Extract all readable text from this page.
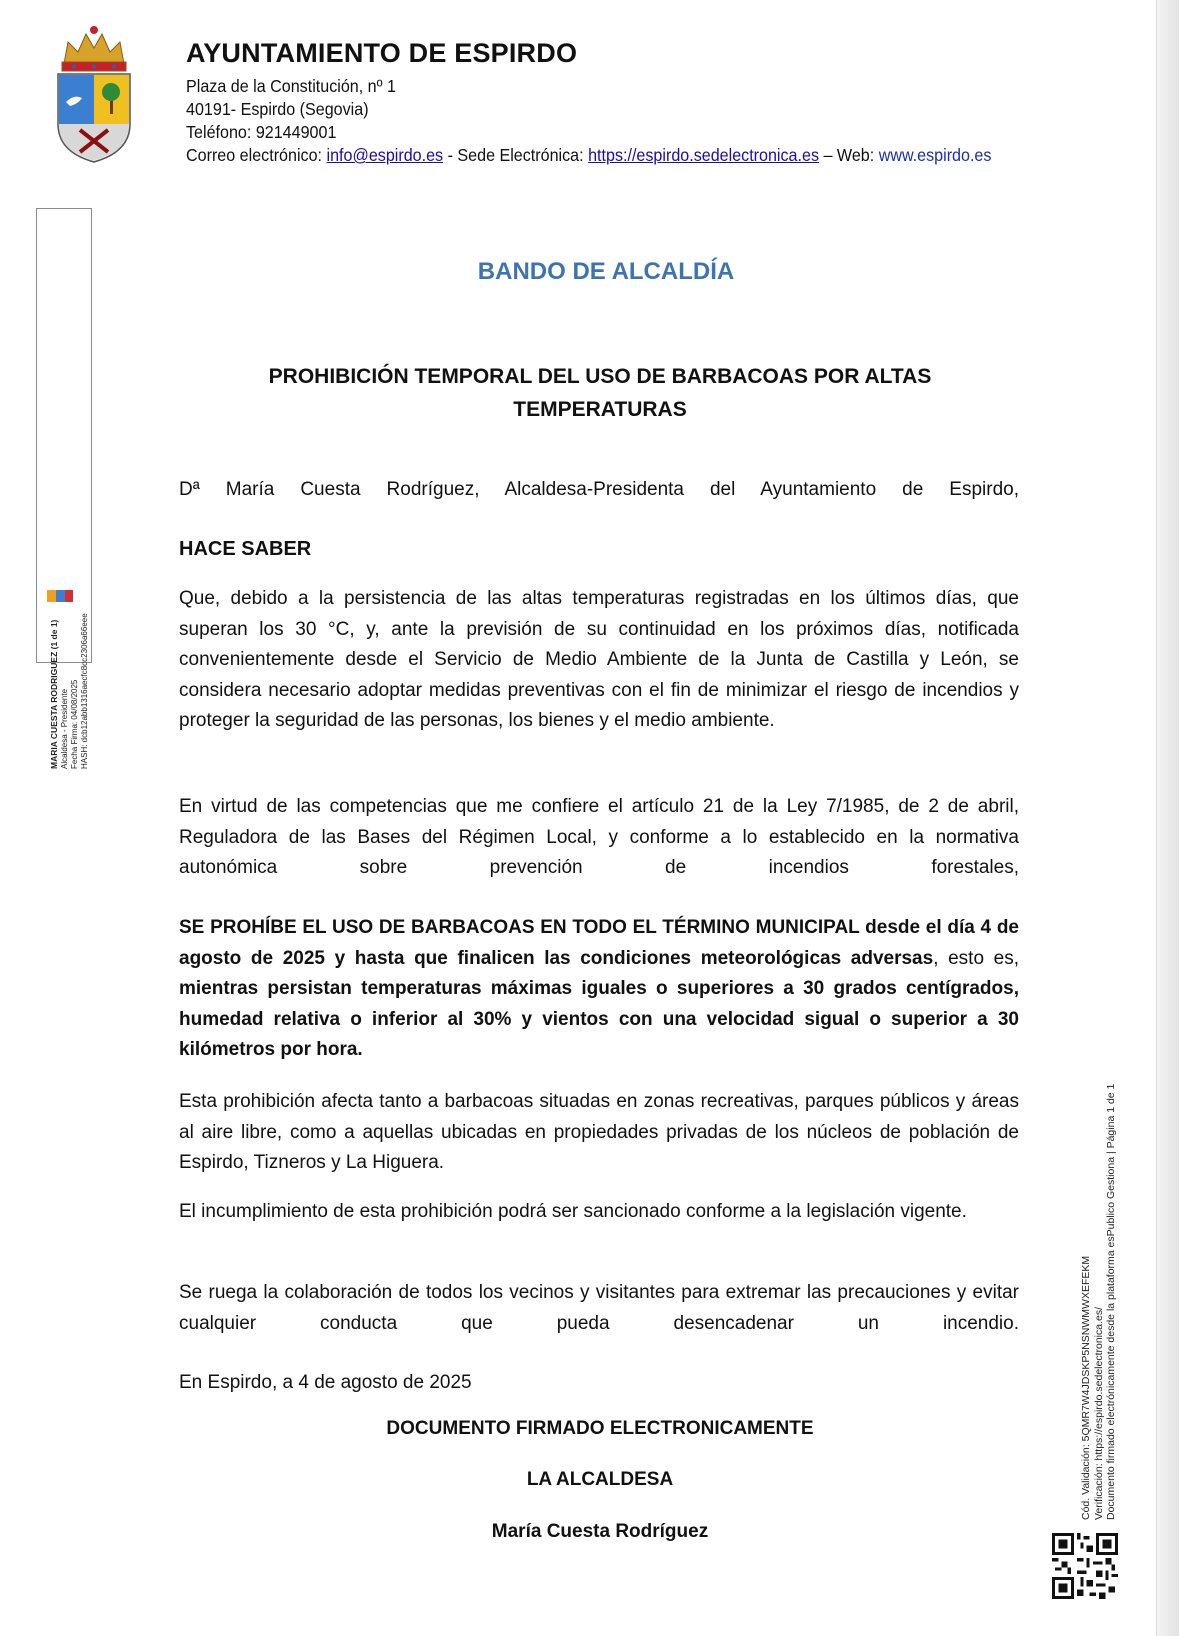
AYUNTAMIENTO DE ESPIRDO
Plaza de la Constitución, nº 1
40191- Espirdo (Segovia)
Teléfono: 921449001
Correo electrónico: info@espirdo.es - Sede Electrónica: https://espirdo.sedelectronica.es – Web: www.espirdo.es
MARIA CUESTA RODRIGUEZ (1 de 1)
Alcaldesa - Presidente
Fecha Firma: 04/08/2025
HASH: dcb12abb1316aecfc8cc2306a66eee
BANDO DE ALCALDÍA
PROHIBICIÓN TEMPORAL DEL USO DE BARBACOAS POR ALTAS
TEMPERATURAS
Dª María Cuesta Rodríguez, Alcaldesa-Presidenta del Ayuntamiento de Espirdo,
HACE SABER
Que, debido a la persistencia de las altas temperaturas registradas en los últimos días, que superan los 30 °C, y, ante la previsión de su continuidad en los próximos días, notificada convenientemente desde el Servicio de Medio Ambiente de la Junta de Castilla y León, se considera necesario adoptar medidas preventivas con el fin de minimizar el riesgo de incendios y proteger la seguridad de las personas, los bienes y el medio ambiente.
En virtud de las competencias que me confiere el artículo 21 de la Ley 7/1985, de 2 de abril, Reguladora de las Bases del Régimen Local, y conforme a lo establecido en la normativa autonómica sobre prevención de incendios forestales,
SE PROHÍBE EL USO DE BARBACOAS EN TODO EL TÉRMINO MUNICIPAL desde el día 4 de agosto de 2025 y hasta que finalicen las condiciones meteorológicas adversas, esto es, mientras persistan temperaturas máximas iguales o superiores a 30 grados centígrados, humedad relativa o inferior al 30% y vientos con una velocidad sigual o superior a 30 kilómetros por hora.
Esta prohibición afecta tanto a barbacoas situadas en zonas recreativas, parques públicos y áreas al aire libre, como a aquellas ubicadas en propiedades privadas de los núcleos de población de Espirdo, Tizneros y La Higuera.
El incumplimiento de esta prohibición podrá ser sancionado conforme a la legislación vigente.
Se ruega la colaboración de todos los vecinos y visitantes para extremar las precauciones y evitar cualquier conducta que pueda desencadenar un incendio.
En Espirdo, a 4 de agosto de 2025
DOCUMENTO FIRMADO ELECTRONICAMENTE
LA ALCALDESA
María Cuesta Rodríguez
Cód. Validación: 5QMR7W4JDSKP5NSNWMWXEFEKM Verificación: https://espirdo.sedelectronica.es/ Documento firmado electrónicamente desde la plataforma esPublico Gestiona | Página 1 de 1
